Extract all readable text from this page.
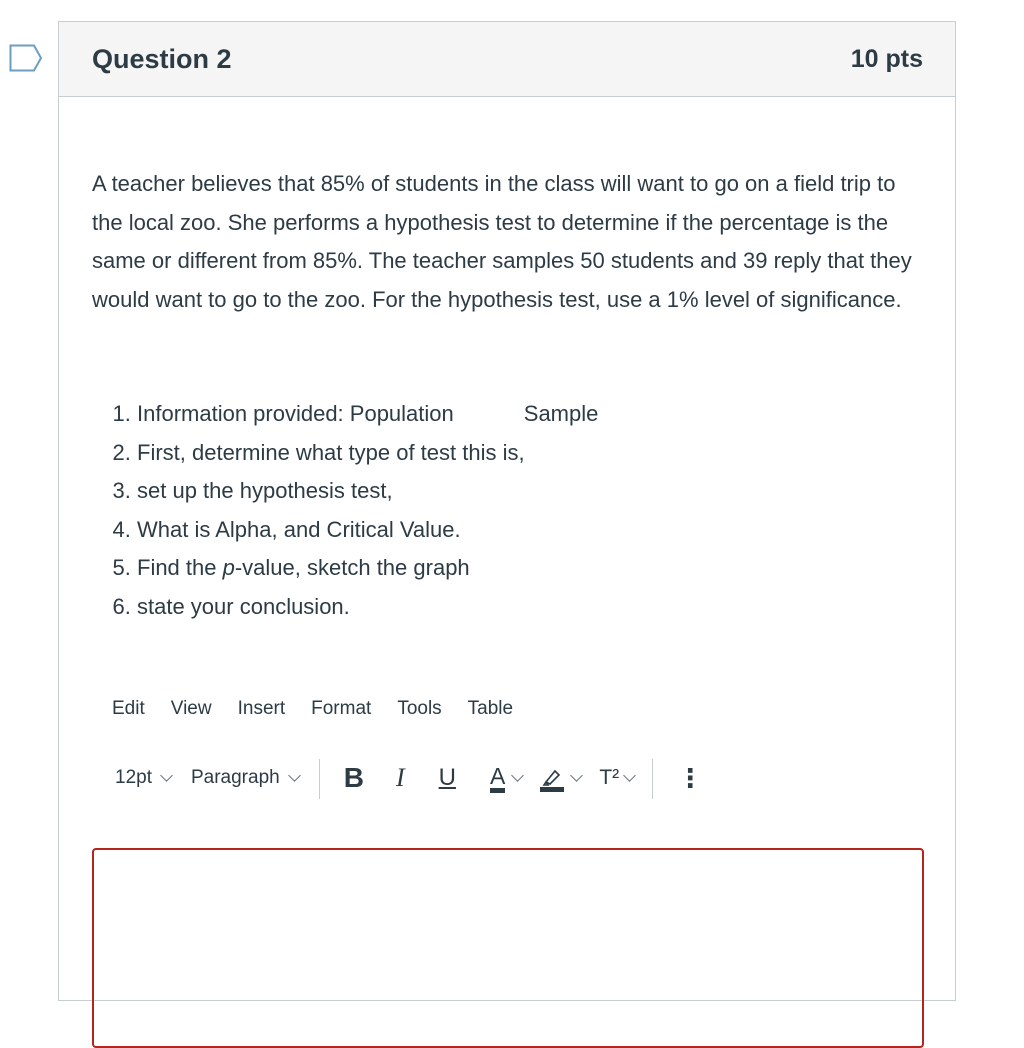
Question 2	10 pts

A teacher believes that 85% of students in the class will want to go on a field trip to the local zoo. She performs a hypothesis test to determine if the percentage is the same or different from 85%. The teacher samples 50 students and 39 reply that they would want to go to the zoo. For the hypothesis test, use a 1% level of significance.

1. Information provided: Population	Sample
2. First, determine what type of test this is,
3. set up the hypothesis test,
4. What is Alpha, and Critical Value.
5. Find the p-value, sketch the graph
6. state your conclusion.
Edit View Insert Format Tools Table
12pt Paragraph B I U A	T² ⋮
